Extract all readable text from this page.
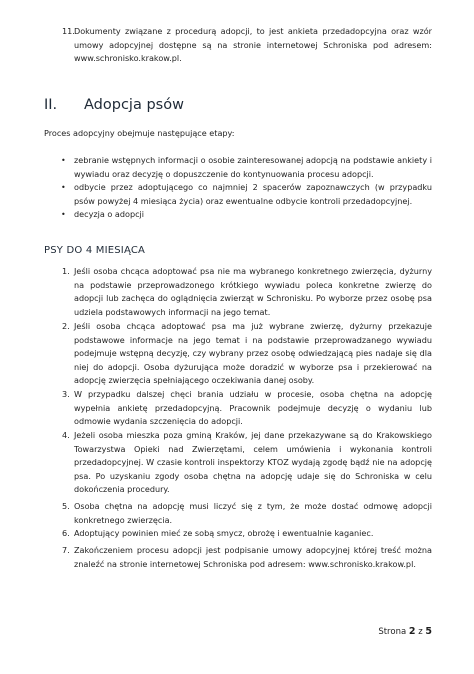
11. Dokumenty związane z procedurą adopcji, to jest ankieta przedadopcyjna oraz wzór umowy adopcyjnej dostępne są na stronie internetowej Schroniska pod adresem: www.schronisko.krakow.pl.
II. Adopcja psów
Proces adopcyjny obejmuje następujące etapy:
• zebranie wstępnych informacji o osobie zainteresowanej adopcją na podstawie ankiety i wywiadu oraz decyzję o dopuszczenie do kontynuowania procesu adopcji.
• odbycie przez adoptującego co najmniej 2 spacerów zapoznawczych (w przypadku psów powyżej 4 miesiąca życia) oraz ewentualne odbycie kontroli przedadopcyjnej.
• decyzja o adopcji
PSY DO 4 MIESIĄCA
1. Jeśli osoba chcąca adoptować psa nie ma wybranego konkretnego zwierzęcia, dyżurny na podstawie przeprowadzonego krótkiego wywiadu poleca konkretne zwierzę do adopcji lub zachęca do oglądnięcia zwierząt w Schronisku. Po wyborze przez osobę psa udziela podstawowych informacji na jego temat.
2. Jeśli osoba chcąca adoptować psa ma już wybrane zwierzę, dyżurny przekazuje podstawowe informacje na jego temat i na podstawie przeprowadzanego wywiadu podejmuje wstępną decyzję, czy wybrany przez osobę odwiedzającą pies nadaje się dla niej do adopcji. Osoba dyżurująca może doradzić w wyborze psa i przekierować na adopcję zwierzęcia spełniającego oczekiwania danej osoby.
3. W przypadku dalszej chęci brania udziału w procesie, osoba chętna na adopcję wypełnia ankietę przedadopcyjną. Pracownik podejmuje decyzję o wydaniu lub odmowie wydania szczenięcia do adopcji.
4. Jeżeli osoba mieszka poza gminą Kraków, jej dane przekazywane są do Krakowskiego Towarzystwa Opieki nad Zwierzętami, celem umówienia i wykonania kontroli przedadopcyjnej. W czasie kontroli inspektorzy KTOZ wydają zgodę bądź nie na adopcję psa. Po uzyskaniu zgody osoba chętna na adopcję udaje się do Schroniska w celu dokończenia procedury.
5. Osoba chętna na adopcję musi liczyć się z tym, że może dostać odmowę adopcji konkretnego zwierzęcia.
6. Adoptujący powinien mieć ze sobą smycz, obrożę i ewentualnie kaganiec.
7. Zakończeniem procesu adopcji jest podpisanie umowy adopcyjnej której treść można znaleźć na stronie internetowej Schroniska pod adresem: www.schronisko.krakow.pl.
Strona 2 z 5
